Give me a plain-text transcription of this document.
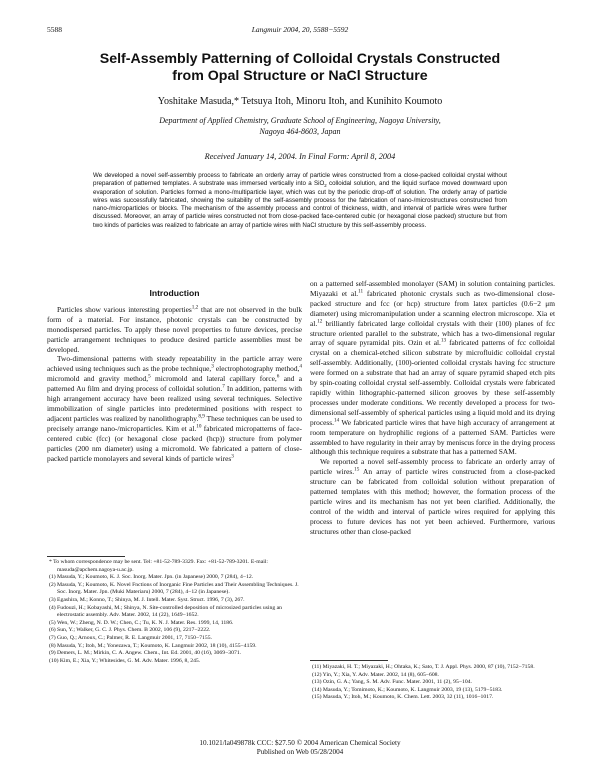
5588	Langmuir 2004, 20, 5588−5592
Self-Assembly Patterning of Colloidal Crystals Constructed
from Opal Structure or NaCl Structure
Yoshitake Masuda,* Tetsuya Itoh, Minoru Itoh, and Kunihito Koumoto
Department of Applied Chemistry, Graduate School of Engineering, Nagoya University,
Nagoya 464-8603, Japan
Received January 14, 2004. In Final Form: April 8, 2004
We developed a novel self-assembly process to fabricate an orderly array of particle wires constructed from a close-packed colloidal crystal without preparation of patterned templates. A substrate was immersed vertically into a SiO$_2$ colloidal solution, and the liquid surface moved downward upon evaporation of solution. Particles formed a mono-/multiparticle layer, which was cut by the periodic drop-off of solution. The orderly array of particle wires was successfully fabricated, showing the suitability of the self-assembly process for the fabrication of nano-/microstructures constructed from nano-/microparticles or blocks. The mechanism of the assembly process and control of thickness, width, and interval of particle wires were further discussed. Moreover, an array of particle wires constructed not from close-packed face-centered cubic (or hexagonal close packed) structure but from two kinds of particles was realized to fabricate an array of particle wires with NaCl structure by this self-assembly process.
Introduction

Particles show various interesting properties$^{1,2}$ that are not observed in the bulk form of a material. For instance, photonic crystals can be constructed by monodispersed particles. To apply these novel properties to future devices, precise particle arrangement techniques to produce desired particle assemblies must be developed.

Two-dimensional patterns with steady repeatability in the particle array were achieved using techniques such as the probe technique,$^3$ electrophotography method,$^4$ micromold and gravity method,$^5$ micromold and lateral capillary force,$^6$ and a patterned Au film and drying process of colloidal solution.$^7$ In addition, patterns with high arrangement accuracy have been realized using several techniques. Selective immobilization of single particles into predetermined positions with respect to adjacent particles was realized by nanolithography.$^{8,9}$ These techniques can be used to precisely arrange nano-/microparticles. Kim et al.$^{10}$ fabricated micropatterns of face-centered cubic (fcc) (or hexagonal close packed (hcp)) structure from polymer particles (200 nm diameter) using a micromold. We fabricated a pattern of close-packed particle monolayers and several kinds of particle wires$^3$

on a patterned self-assembled monolayer (SAM) in solution containing particles. Miyazaki et al.$^{11}$ fabricated photonic crystals such as two-dimensional close-packed structure and fcc (or hcp) structure from latex particles (0.6−2 μm diameter) using micromanipulation under a scanning electron microscope. Xia et al.$^{12}$ brilliantly fabricated large colloidal crystals with their (100) planes of fcc structure oriented parallel to the substrate, which has a two-dimensional regular array of square pyramidal pits. Ozin et al.$^{13}$ fabricated patterns of fcc colloidal crystal on a chemical-etched silicon substrate by microfluidic colloidal crystal self-assembly. Additionally, (100)-oriented colloidal crystals having fcc structure were formed on a substrate that had an array of square pyramid shaped etch pits by spin-coating colloidal crystal self-assembly. Colloidal crystals were fabricated rapidly within lithographic-patterned silicon grooves by these self-assembly processes under moderate conditions. We recently developed a process for two-dimensional self-assembly of spherical particles using a liquid mold and its drying process.$^{14}$ We fabricated particle wires that have high accuracy of arrangement at room temperature on hydrophilic regions of a patterned SAM. Particles were assembled to have regularity in their array by meniscus force in the drying process although this technique requires a substrate that has a patterned SAM.

We reported a novel self-assembly process to fabricate an orderly array of particle wires.$^{15}$ An array of particle wires constructed from a close-packed structure can be fabricated from colloidal solution without preparation of patterned templates with this method; however, the formation process of the particle wires and its mechanism has not yet been clarified. Additionally, the control of the width and interval of particle wires required for applying this process to future devices has not yet been achieved. Furthermore, various structures other than close-packed

* To whom correspondence may be sent. Tel: +81-52-789-3329. Fax: +81-52-789-3201. E-mail: masuda@apchem.nagoya-u.ac.jp.
(1) Masuda, Y.; Koumoto, K. J. Soc. Inorg. Mater. Jpn. (in Japanese) 2000, 7 (284), 4−12.
(2) Masuda, Y.; Koumoto, K. Novel Fnctions of Inorganic Fine Particles and Their Assembling Techniques. J. Soc. Inorg. Mater. Jpn. (Muki Materiaru) 2000, 7 (284), 4−12 (in Japanese).
(3) Egashira, M.; Konno, T.; Shinya, M. J. Intell. Mater. Syst. Struct. 1996, 7 (3), 267.
(4) Fudouzi, H.; Kobayashi, M.; Shinya, N. Site-controlled deposition of microsized particles using an electrostatic assembly. Adv. Mater. 2002, 14 (22), 1649−1652.
(5) Wen, W.; Zheng, N. D. W.; Chen, C.; Tu, K. N. J. Mater. Res. 1999, 14, 1186.
(6) Sun, Y.; Walker, G. C. J. Phys. Chem. B 2002, 106 (9), 2217−2222.
(7) Guo, Q.; Arnoux, C.; Palmer, R. E. Langmuir 2001, 17, 7150−7155.
(8) Masuda, Y.; Itoh, M.; Yonezawa, T.; Koumoto, K. Langmuir 2002, 18 (10), 4155−4159.
(9) Demers, L. M.; Mirkin, C. A. Angew. Chem., Int. Ed. 2001, 40 (16), 3069−3071.
(10) Kim, E.; Xia, Y.; Whitesides, G. M. Adv. Mater. 1996, 8, 245.
(11) Miyazaki, H. T.; Miyazaki, H.; Ohtaka, K.; Sato, T. J. Appl. Phys. 2000, 87 (10), 7152−7158.
(12) Yin, Y.; Xia, Y. Adv. Mater. 2002, 14 (8), 605−608.
(13) Ozin, G. A.; Yang, S. M. Adv. Func. Mater. 2001, 11 (2), 95−104.
(14) Masuda, Y.; Tomimoto, K.; Koumoto, K. Langmuir 2003, 19 (13), 5179−5183.
(15) Masuda, Y.; Itoh, M.; Koumoto, K. Chem. Lett. 2003, 32 (11), 1016−1017.
10.1021/la049878k CCC: $27.50 © 2004 American Chemical Society
Published on Web 05/28/2004
